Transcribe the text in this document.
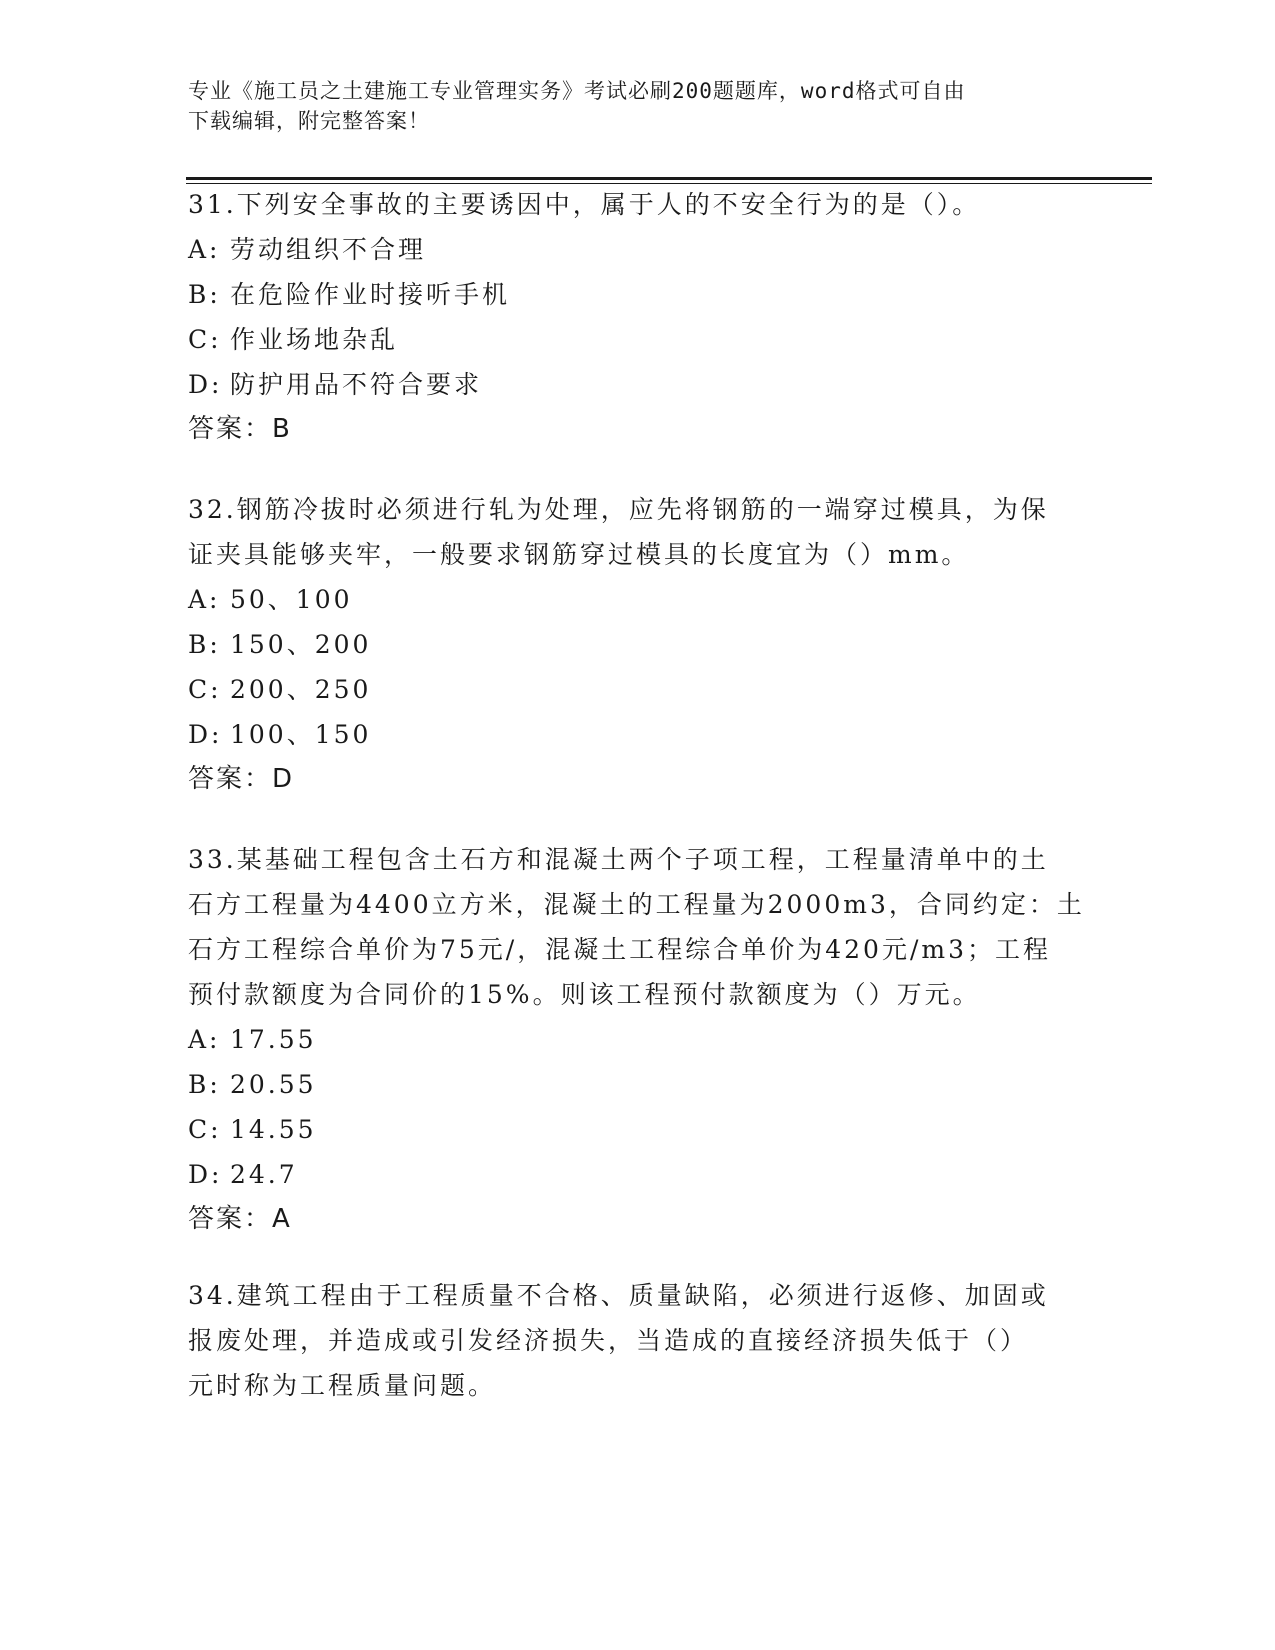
专业《施工员之土建施工专业管理实务》考试必刷200题题库，word格式可自由
下载编辑，附完整答案！

31.下列安全事故的主要诱因中，属于人的不安全行为的是（）。

A: 劳动组织不合理
B: 在危险作业时接听手机
C: 作业场地杂乱
D: 防护用品不符合要求

答案：B

32.钢筋冷拔时必须进行轧为处理，应先将钢筋的一端穿过模具，为保

证夹具能够夹牢，一般要求钢筋穿过模具的长度宜为（）mm。

A: 50、100
B: 150、200
C: 200、250
D: 100、150

答案：D

33.某基础工程包含土石方和混凝土两个子项工程，工程量清单中的土

石方工程量为4400立方米，混凝土的工程量为2000m3，合同约定：土

石方工程综合单价为75元/，混凝土工程综合单价为420元/m3；工程

预付款额度为合同价的15%。则该工程预付款额度为（）万元。

A: 17.55
B: 20.55
C: 14.55
D: 24.7

答案：A

34.建筑工程由于工程质量不合格、质量缺陷，必须进行返修、加固或

报废处理，并造成或引发经济损失，当造成的直接经济损失低于（）

元时称为工程质量问题。
